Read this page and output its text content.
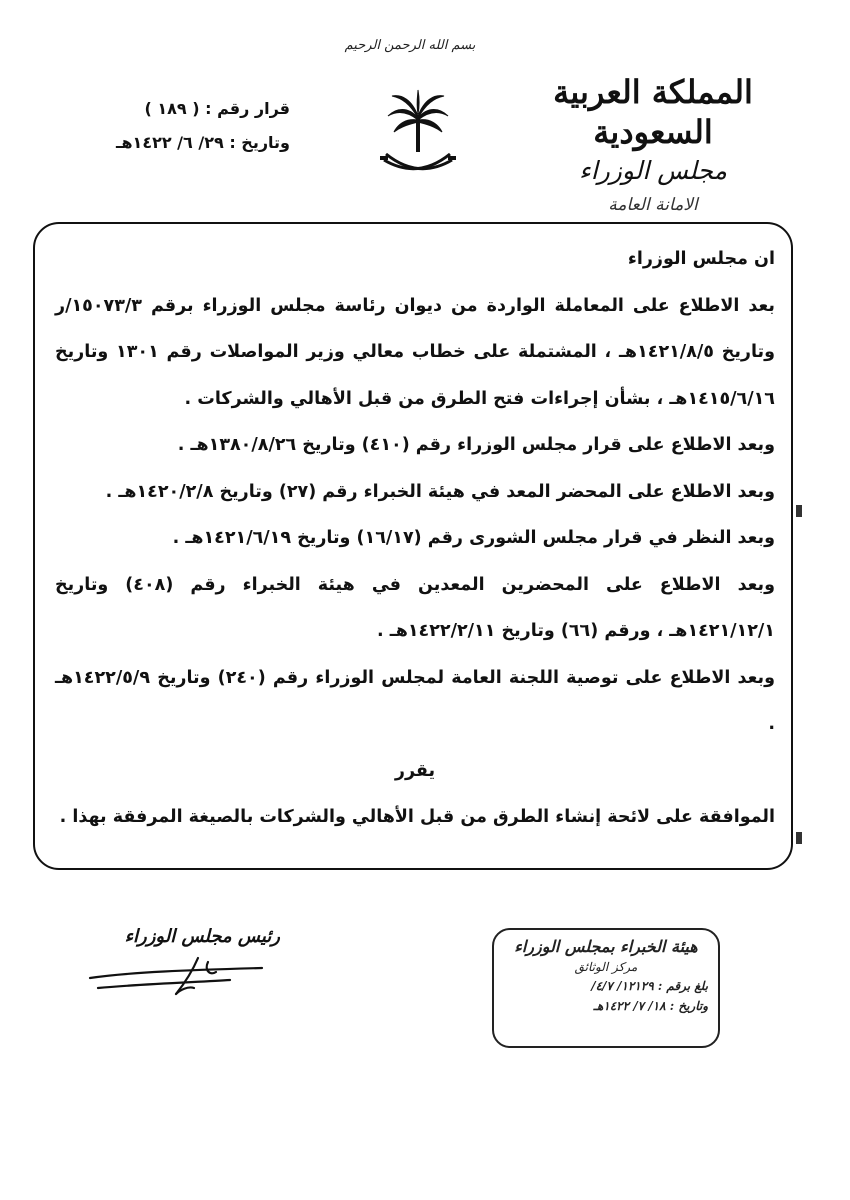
بسم الله الرحمن الرحيم
المملكة العربية السعودية
مجلس الوزراء
الامانة العامة
قرار رقم : ( ١٨٩ )
وتاريخ : ٢٩/ ٦/ ١٤٢٢هـ

ان مجلس الوزراء

بعد الاطلاع على المعاملة الواردة من ديوان رئاسة مجلس الوزراء برقم ١٥٠٧٣/٣/ر وتاريخ ١٤٢١/٨/٥هـ ، المشتملة على خطاب معالي وزير المواصلات رقم ١٣٠١ وتاريخ ١٤١٥/٦/١٦هـ ، بشأن إجراءات فتح الطرق من قبل الأهالي والشركات .

وبعد الاطلاع على قرار مجلس الوزراء رقم (٤١٠) وتاريخ ١٣٨٠/٨/٢٦هـ .

وبعد الاطلاع على المحضر المعد في هيئة الخبراء رقم (٢٧) وتاريخ ١٤٢٠/٢/٨هـ .

وبعد النظر في قرار مجلس الشورى رقم (١٦/١٧) وتاريخ ١٤٢١/٦/١٩هـ .

وبعد الاطلاع على المحضرين المعدين في هيئة الخبراء رقم (٤٠٨) وتاريخ ١٤٢١/١٢/١هـ ، ورقم (٦٦) وتاريخ ١٤٢٢/٢/١١هـ .

وبعد الاطلاع على توصية اللجنة العامة لمجلس الوزراء رقم (٢٤٠) وتاريخ ١٤٢٢/٥/٩هـ .

يقرر

الموافقة على لائحة إنشاء الطرق من قبل الأهالي والشركات بالصيغة المرفقة بهذا .

رئيس مجلس الوزراء	هيئة الخبراء بمجلس الوزراء
مركز الوثائق
بلغ برقم : ١٢١٢٩/ ٤/٧/
وتاريخ : ١٨/ ٧/ ١٤٢٢هـ
